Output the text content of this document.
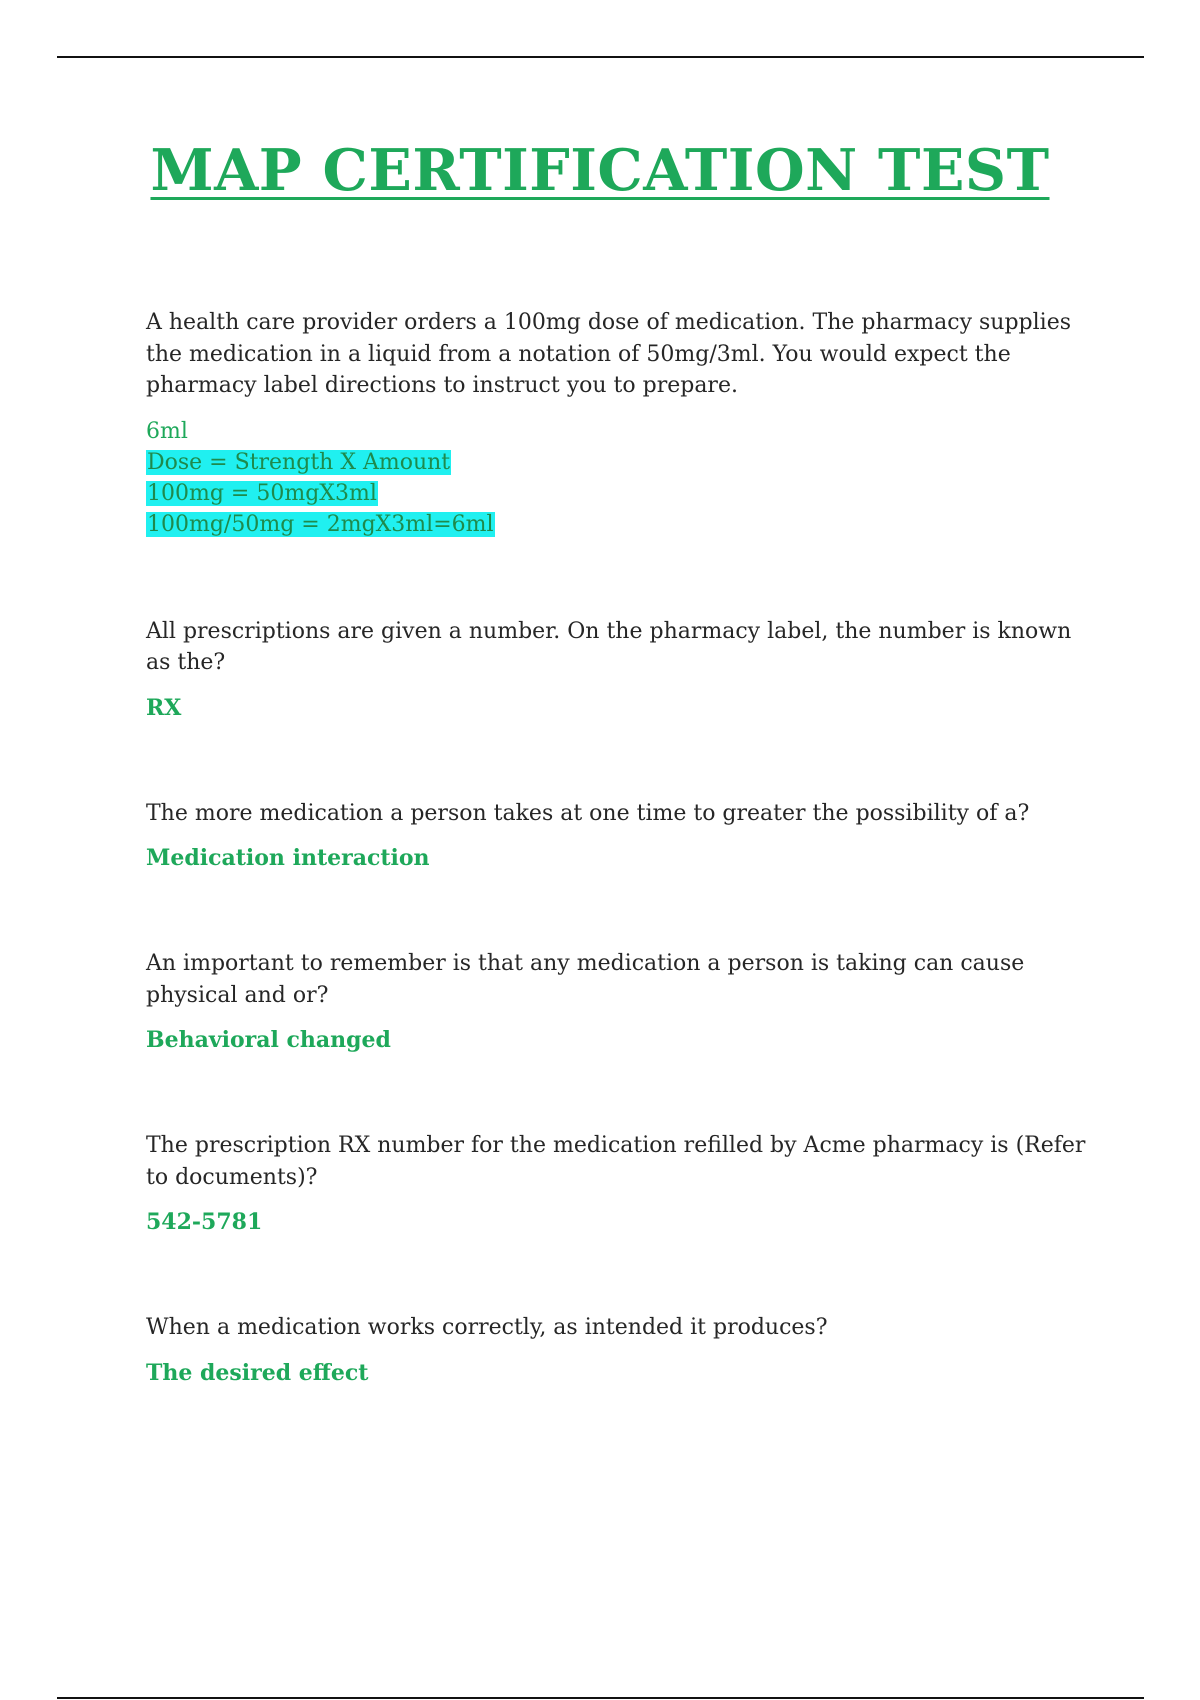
MAP CERTIFICATION TEST

A health care provider orders a 100mg dose of medication. The pharmacy supplies the medication in a liquid from a notation of 50mg/3ml. You would expect the pharmacy label directions to instruct you to prepare.

6ml

Dose = Strength X Amount
100mg = 50mgX3ml
100mg/50mg = 2mgX3ml=6ml

All prescriptions are given a number. On the pharmacy label, the number is known as the?

RX

The more medication a person takes at one time to greater the possibility of a?

Medication interaction

An important to remember is that any medication a person is taking can cause physical and or?

Behavioral changed

The prescription RX number for the medication refilled by Acme pharmacy is (Refer to documents)?

542-5781

When a medication works correctly, as intended it produces?

The desired effect
